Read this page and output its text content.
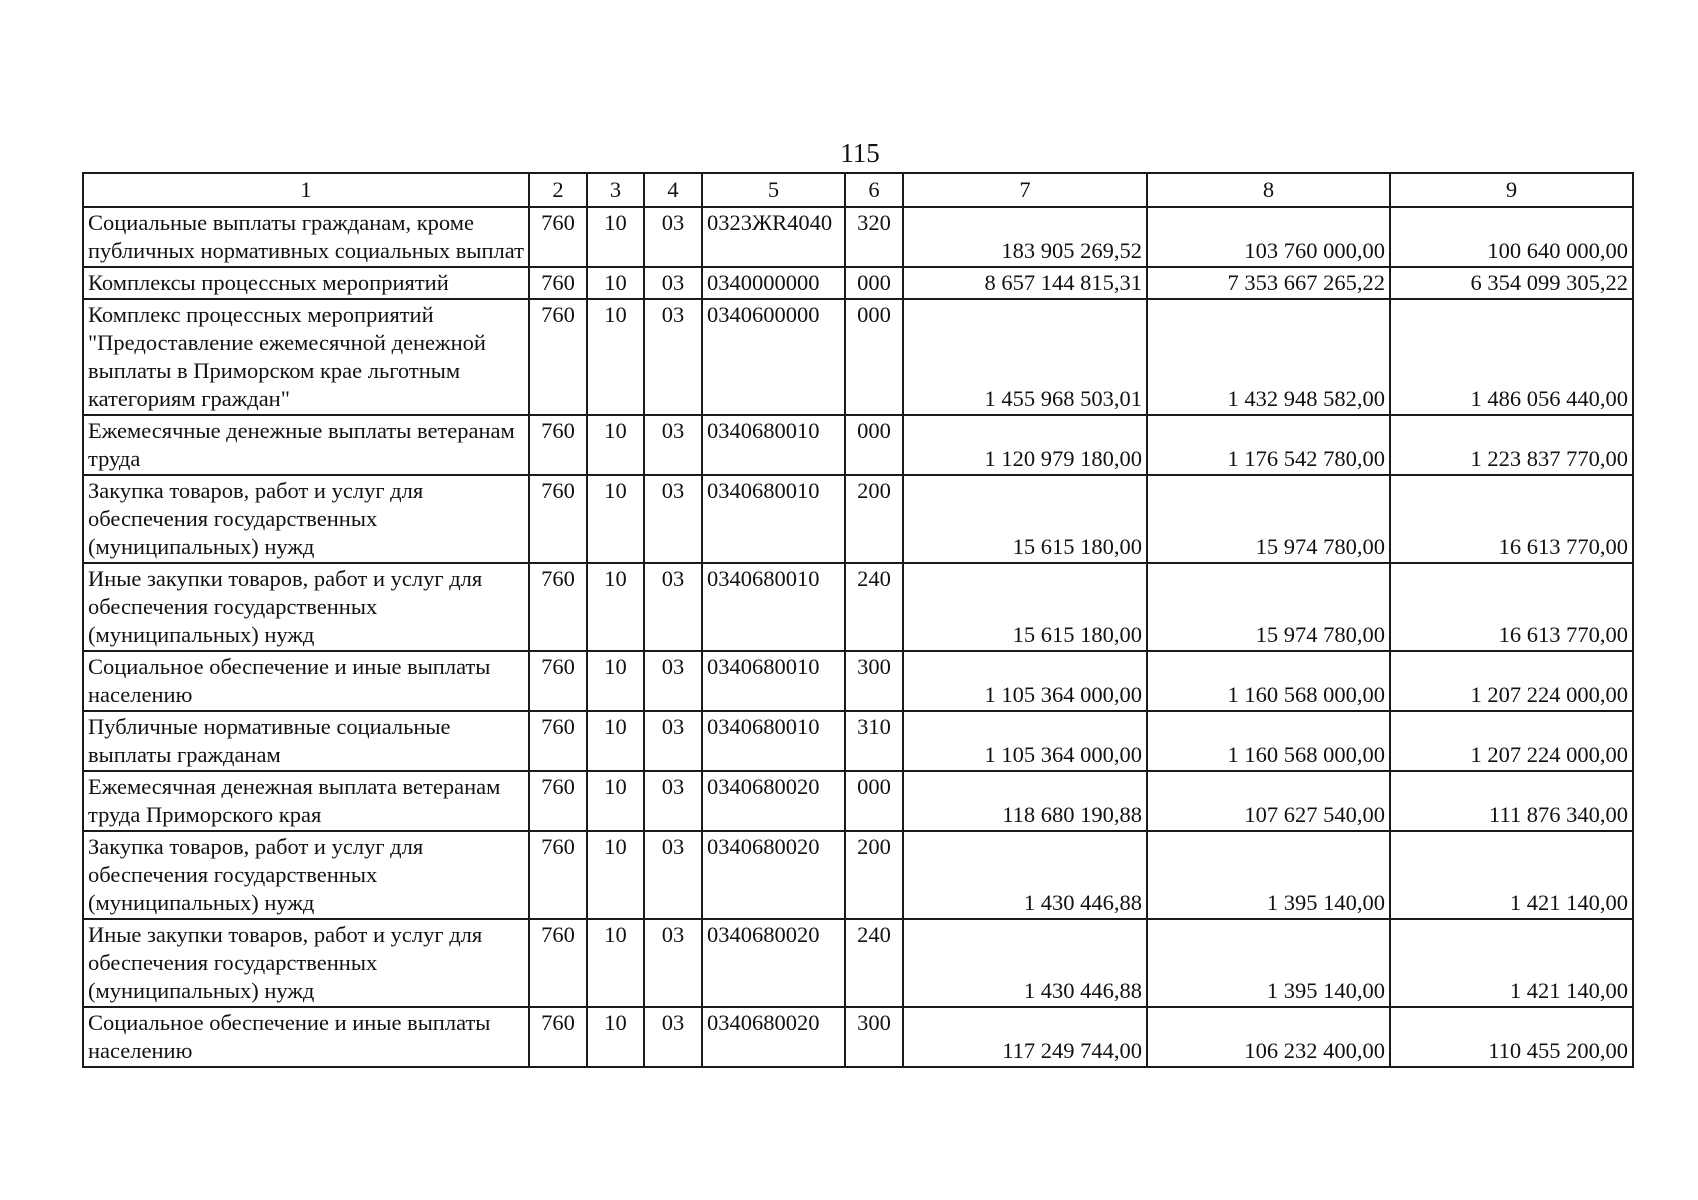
115
1	2	3	4	5	6	7	8	9
Социальные выплаты гражданам, кроме публичных нормативных социальных выплат	760	10	03	0323ЖR4040	320	183 905 269,52	103 760 000,00	100 640 000,00
Комплексы процессных мероприятий	760	10	03	0340000000	000	8 657 144 815,31	7 353 667 265,22	6 354 099 305,22
Комплекс процессных мероприятий "Предоставление ежемесячной денежной выплаты в Приморском крае льготным категориям граждан"	760	10	03	0340600000	000	1 455 968 503,01	1 432 948 582,00	1 486 056 440,00
Ежемесячные денежные выплаты ветеранам труда	760	10	03	0340680010	000	1 120 979 180,00	1 176 542 780,00	1 223 837 770,00
Закупка товаров, работ и услуг для обеспечения государственных (муниципальных) нужд	760	10	03	0340680010	200	15 615 180,00	15 974 780,00	16 613 770,00
Иные закупки товаров, работ и услуг для обеспечения государственных (муниципальных) нужд	760	10	03	0340680010	240	15 615 180,00	15 974 780,00	16 613 770,00
Социальное обеспечение и иные выплаты населению	760	10	03	0340680010	300	1 105 364 000,00	1 160 568 000,00	1 207 224 000,00
Публичные нормативные социальные выплаты гражданам	760	10	03	0340680010	310	1 105 364 000,00	1 160 568 000,00	1 207 224 000,00
Ежемесячная денежная выплата ветеранам труда Приморского края	760	10	03	0340680020	000	118 680 190,88	107 627 540,00	111 876 340,00
Закупка товаров, работ и услуг для обеспечения государственных (муниципальных) нужд	760	10	03	0340680020	200	1 430 446,88	1 395 140,00	1 421 140,00
Иные закупки товаров, работ и услуг для обеспечения государственных (муниципальных) нужд	760	10	03	0340680020	240	1 430 446,88	1 395 140,00	1 421 140,00
Социальное обеспечение и иные выплаты населению	760	10	03	0340680020	300	117 249 744,00	106 232 400,00	110 455 200,00
